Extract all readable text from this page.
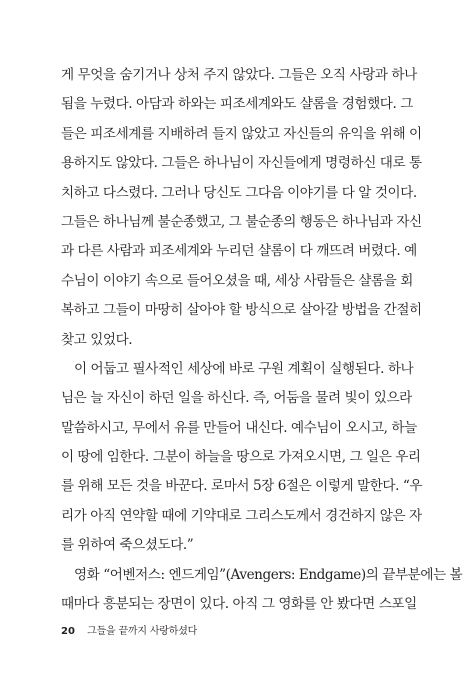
게 무엇을 숨기거나 상처 주지 않았다. 그들은 오직 사랑과 하나
됨을 누렸다. 아담과 하와는 피조세계와도 샬롬을 경험했다. 그
들은 피조세계를 지배하려 들지 않았고 자신들의 유익을 위해 이
용하지도 않았다. 그들은 하나님이 자신들에게 명령하신 대로 통
치하고 다스렸다. 그러나 당신도 그다음 이야기를 다 알 것이다.
그들은 하나님께 불순종했고, 그 불순종의 행동은 하나님과 자신
과 다른 사람과 피조세계와 누리던 샬롬이 다 깨뜨려 버렸다. 예
수님이 이야기 속으로 들어오셨을 때, 세상 사람들은 샬롬을 회
복하고 그들이 마땅히 살아야 할 방식으로 살아갈 방법을 간절히
찾고 있었다.
이 어둡고 필사적인 세상에 바로 구원 계획이 실행된다. 하나
님은 늘 자신이 하던 일을 하신다. 즉, 어둠을 물려 빛이 있으라
말씀하시고, 무에서 유를 만들어 내신다. 예수님이 오시고, 하늘
이 땅에 임한다. 그분이 하늘을 땅으로 가져오시면, 그 일은 우리
를 위해 모든 것을 바꾼다. 로마서 5장 6절은 이렇게 말한다. “우
리가 아직 연약할 때에 기약대로 그리스도께서 경건하지 않은 자
를 위하여 죽으셨도다.”
영화 “어벤저스: 엔드게임”(Avengers: Endgame)의 끝부분에는 볼
때마다 흥분되는 장면이 있다. 아직 그 영화를 안 봤다면 스포일
20 그들을 끝까지 사랑하셨다
